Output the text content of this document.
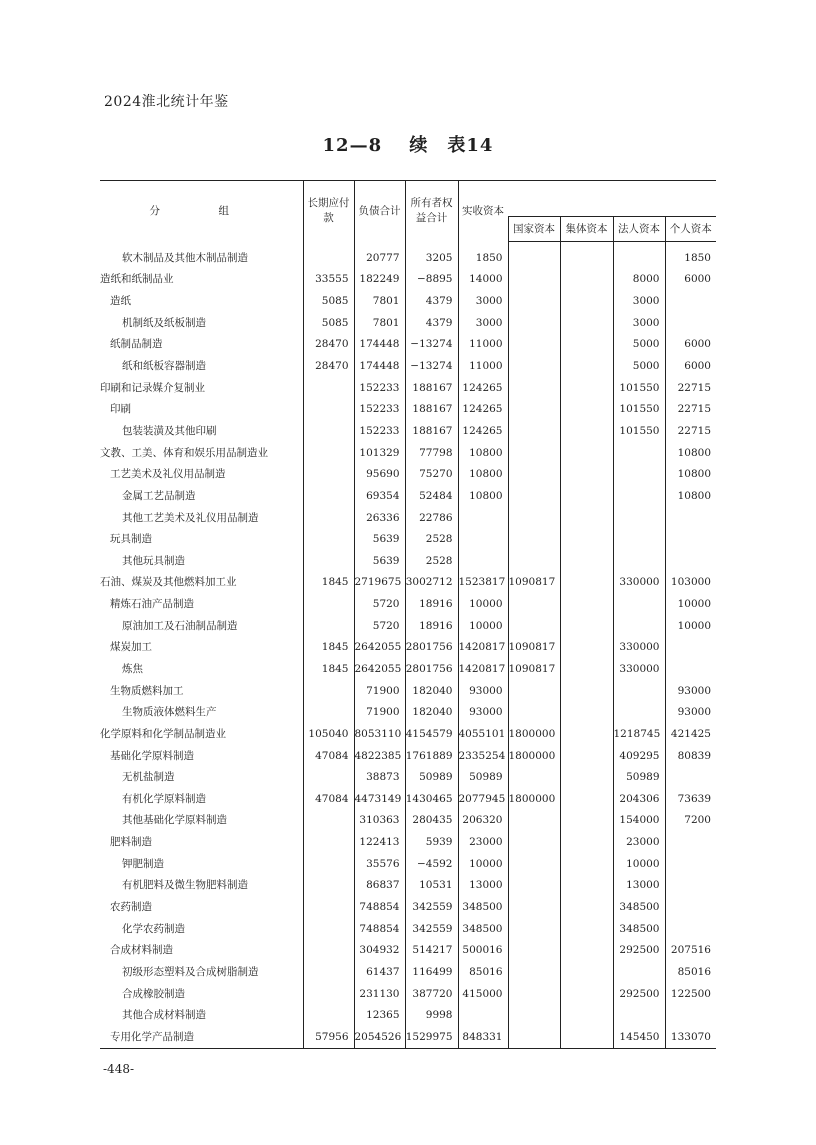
2024淮北统计年鉴
12—8 续　表14
分　组	长期应付款	负债合计	所有者权益合计	实收资本				
					国家资本	集体资本	法人资本	个人资本
软木制品及其他木制品制造		20777	3205	1850				1850
造纸和纸制品业	33555	182249	−8895	14000			8000	6000
造纸	5085	7801	4379	3000			3000	
机制纸及纸板制造	5085	7801	4379	3000			3000	
纸制品制造	28470	174448	−13274	11000			5000	6000
纸和纸板容器制造	28470	174448	−13274	11000			5000	6000
印刷和记录媒介复制业		152233	188167	124265			101550	22715
印刷		152233	188167	124265			101550	22715
包装装潢及其他印刷		152233	188167	124265			101550	22715
文教、工美、体育和娱乐用品制造业		101329	77798	10800				10800
工艺美术及礼仪用品制造		95690	75270	10800				10800
金属工艺品制造		69354	52484	10800				10800
其他工艺美术及礼仪用品制造		26336	22786					
玩具制造		5639	2528					
其他玩具制造		5639	2528					
石油、煤炭及其他燃料加工业	1845	2719675	3002712	1523817	1090817		330000	103000
精炼石油产品制造		5720	18916	10000				10000
原油加工及石油制品制造		5720	18916	10000				10000
煤炭加工	1845	2642055	2801756	1420817	1090817		330000	
炼焦	1845	2642055	2801756	1420817	1090817		330000	
生物质燃料加工		71900	182040	93000				93000
生物质液体燃料生产		71900	182040	93000				93000
化学原料和化学制品制造业	105040	8053110	4154579	4055101	1800000		1218745	421425
基础化学原料制造	47084	4822385	1761889	2335254	1800000		409295	80839
无机盐制造		38873	50989	50989			50989	
有机化学原料制造	47084	4473149	1430465	2077945	1800000		204306	73639
其他基础化学原料制造		310363	280435	206320			154000	7200
肥料制造		122413	5939	23000			23000	
钾肥制造		35576	−4592	10000			10000	
有机肥料及微生物肥料制造		86837	10531	13000			13000	
农药制造		748854	342559	348500			348500	
化学农药制造		748854	342559	348500			348500	
合成材料制造		304932	514217	500016			292500	207516
初级形态塑料及合成树脂制造		61437	116499	85016				85016
合成橡胶制造		231130	387720	415000			292500	122500
其他合成材料制造		12365	9998					
专用化学产品制造	57956	2054526	1529975	848331			145450	133070
-448-
